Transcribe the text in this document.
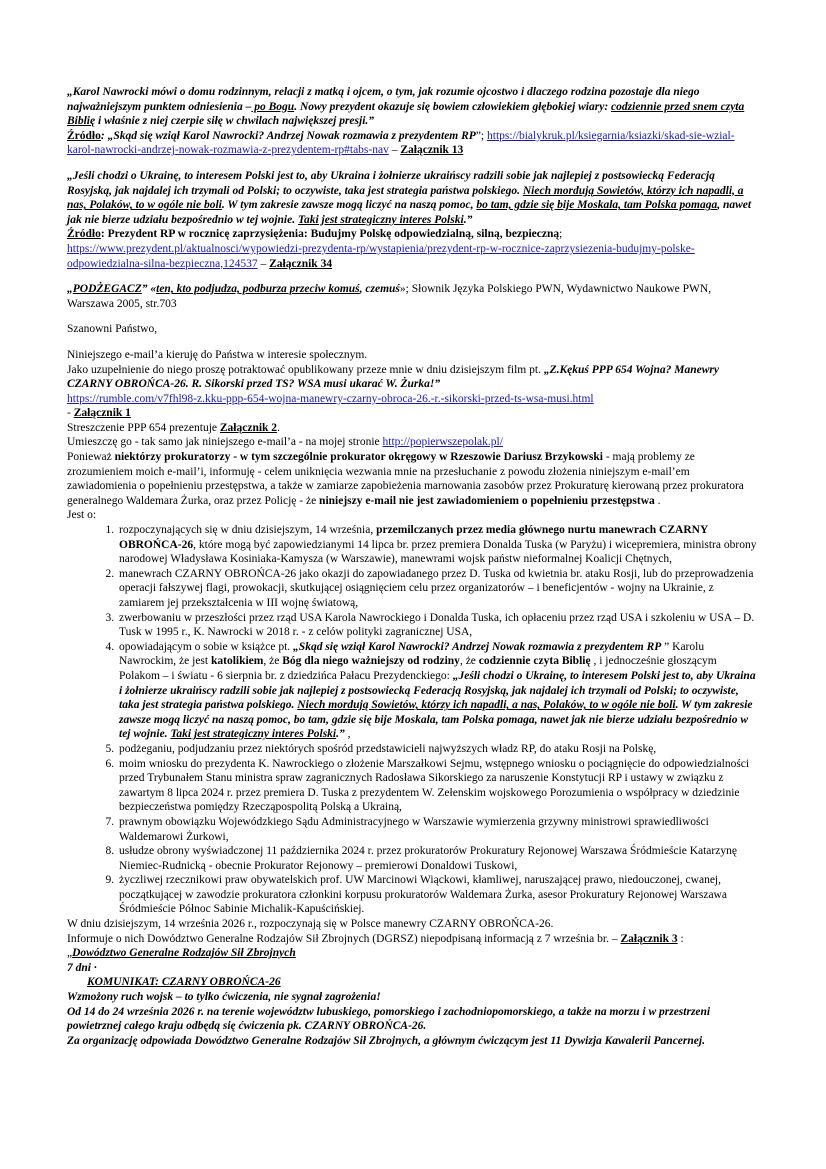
„Karol Nawrocki mówi o domu rodzinnym, relacji z matką i ojcem, o tym, jak rozumie ojcostwo i dlaczego rodzina pozostaje dla niego najważniejszym punktem odniesienia – po Bogu. Nowy prezydent okazuje się bowiem człowiekiem głębokiej wiary: codziennie przed snem czyta Biblię i właśnie z niej czerpie siłę w chwilach największej presji.”
Źródło: „Skąd się wziął Karol Nawrocki? Andrzej Nowak rozmawia z prezydentem RP”; https://bialykruk.pl/ksiegarnia/ksiazki/skad-sie-wzial-karol-nawrocki-andrzej-nowak-rozmawia-z-prezydentem-rp#tabs-nav – Załącznik 13

„Jeśli chodzi o Ukrainę, to interesem Polski jest to, aby Ukraina i żołnierze ukraińscy radzili sobie jak najlepiej z postsowiecką Federacją Rosyjską, jak najdalej ich trzymali od Polski; to oczywiste, taka jest strategia państwa polskiego. Niech mordują Sowietów, którzy ich napadli, a nas, Polaków, to w ogóle nie boli. W tym zakresie zawsze mogą liczyć na naszą pomoc, bo tam, gdzie się bije Moskala, tam Polska pomaga, nawet jak nie bierze udziału bezpośrednio w tej wojnie. Taki jest strategiczny interes Polski.”
Źródło: Prezydent RP w rocznicę zaprzysiężenia: Budujmy Polskę odpowiedzialną, silną, bezpieczną;
https://www.prezydent.pl/aktualnosci/wypowiedzi-prezydenta-rp/wystapienia/prezydent-rp-w-rocznice-zaprzysiezenia-budujmy-polske-odpowiedzialna-silna-bezpieczna,124537 – Załącznik 34

„PODŻEGACZ” «ten, kto podjudza, podburza przeciw komuś, czemuś»; Słownik Języka Polskiego PWN, Wydawnictwo Naukowe PWN, Warszawa 2005, str.703

Szanowni Państwo,

Niniejszego e-mail’a kieruję do Państwa w interesie społecznym.

Jako uzupełnienie do niego proszę potraktować opublikowany przeze mnie w dniu dzisiejszym film pt. „Z.Kękuś PPP 654 Wojna? Manewry CZARNY OBROŃCA-26. R. Sikorski przed TS? WSA musi ukarać W. Żurka!”
https://rumble.com/v7fhl98-z.kku-ppp-654-wojna-manewry-czarny-obroca-26.-r.-sikorski-przed-ts-wsa-musi.html
- Załącznik 1

Streszczenie PPP 654 prezentuje Załącznik 2.

Umieszczę go - tak samo jak niniejszego e-mail’a - na mojej stronie http://popierwszepolak.pl/

Ponieważ niektórzy prokuratorzy - w tym szczególnie prokurator okręgowy w Rzeszowie Dariusz Brzykowski - mają problemy ze zrozumieniem moich e-mail’i, informuję - celem uniknięcia wezwania mnie na przesłuchanie z powodu złożenia niniejszym e-mail’em zawiadomienia o popełnieniu przestępstwa, a także w zamiarze zapobieżenia marnowania zasobów przez Prokuraturę kierowaną przez prokuratora generalnego Waldemara Żurka, oraz przez Policję - że niniejszy e-mail nie jest zawiadomieniem o popełnieniu przestępstwa .

Jest o:

1. rozpoczynających się w dniu dzisiejszym, 14 września, przemilczanych przez media głównego nurtu manewrach CZARNY OBROŃCA-26, które mogą być zapowiedzianymi 14 lipca br. przez premiera Donalda Tuska (w Paryżu) i wicepremiera, ministra obrony narodowej Władysława Kosiniaka-Kamysza (w Warszawie), manewrami wojsk państw nieformalnej Koalicji Chętnych,
2. manewrach CZARNY OBROŃCA-26 jako okazji do zapowiadanego przez D. Tuska od kwietnia br. ataku Rosji, lub do przeprowadzenia operacji fałszywej flagi, prowokacji, skutkującej osiągnięciem celu przez organizatorów – i beneficjentów - wojny na Ukrainie, z zamiarem jej przekształcenia w III wojnę światową,
3. zwerbowaniu w przeszłości przez rząd USA Karola Nawrockiego i Donalda Tuska, ich opłaceniu przez rząd USA i szkoleniu w USA – D. Tusk w 1995 r., K. Nawrocki w 2018 r. - z celów polityki zagranicznej USA,
4. opowiadającym o sobie w książce pt. „Skąd się wziął Karol Nawrocki? Andrzej Nowak rozmawia z prezydentem RP ” Karolu Nawrockim, że jest katolikiem, że Bóg dla niego ważniejszy od rodziny, że codziennie czyta Biblię , i jednocześnie głoszącym Polakom – i światu - 6 sierpnia br. z dziedzińca Pałacu Prezydenckiego: „Jeśli chodzi o Ukrainę, to interesem Polski jest to, aby Ukraina i żołnierze ukraińscy radzili sobie jak najlepiej z postsowiecką Federacją Rosyjską, jak najdalej ich trzymali od Polski; to oczywiste, taka jest strategia państwa polskiego. Niech mordują Sowietów, którzy ich napadli, a nas, Polaków, to w ogóle nie boli. W tym zakresie zawsze mogą liczyć na naszą pomoc, bo tam, gdzie się bije Moskala, tam Polska pomaga, nawet jak nie bierze udziału bezpośrednio w tej wojnie. Taki jest strategiczny interes Polski.” ,
5. podżeganiu, podjudzaniu przez niektórych spośród przedstawicieli najwyższych władz RP, do ataku Rosji na Polskę,
6. moim wniosku do prezydenta K. Nawrockiego o złożenie Marszałkowi Sejmu, wstępnego wniosku o pociągnięcie do odpowiedzialności przed Trybunałem Stanu ministra spraw zagranicznych Radosława Sikorskiego za naruszenie Konstytucji RP i ustawy w związku z zawartym 8 lipca 2024 r. przez premiera D. Tuska z prezydentem W. Zełenskim wojskowego Porozumienia o współpracy w dziedzinie bezpieczeństwa pomiędzy Rzecząpospolitą Polską a Ukrainą,
7. prawnym obowiązku Wojewódzkiego Sądu Administracyjnego w Warszawie wymierzenia grzywny ministrowi sprawiedliwości Waldemarowi Żurkowi,
8. usłudze obrony wyświadczonej 11 października 2024 r. przez prokuratorów Prokuratury Rejonowej Warszawa Śródmieście Katarzynę Niemiec-Rudnicką - obecnie Prokurator Rejonowy – premierowi Donaldowi Tuskowi,
9. życzliwej rzecznikowi praw obywatelskich prof. UW Marcinowi Wiąckowi, kłamliwej, naruszającej prawo, niedouczonej, cwanej, początkującej w zawodzie prokuratora członkini korpusu prokuratorów Waldemara Żurka, asesor Prokuratury Rejonowej Warszawa Śródmieście Północ Sabinie Michalik-Kapuścińskiej.

W dniu dzisiejszym, 14 września 2026 r., rozpoczynają się w Polsce manewry CZARNY OBROŃCA-26.

Informuje o nich Dowództwo Generalne Rodzajów Sił Zbrojnych (DGRSZ) niepodpisaną informacją z 7 września br. – Załącznik 3 :

„Dowództwo Generalne Rodzajów Sił Zbrojnych

7 dni ·

KOMUNIKAT: CZARNY OBROŃCA-26

Wzmożony ruch wojsk – to tylko ćwiczenia, nie sygnał zagrożenia!

Od 14 do 24 września 2026 r. na terenie województw lubuskiego, pomorskiego i zachodniopomorskiego, a także na morzu i w przestrzeni powietrznej całego kraju odbędą się ćwiczenia pk. CZARNY OBROŃCA-26.

Za organizację odpowiada Dowództwo Generalne Rodzajów Sił Zbrojnych, a głównym ćwiczącym jest 11 Dywizja Kawalerii Pancernej.
